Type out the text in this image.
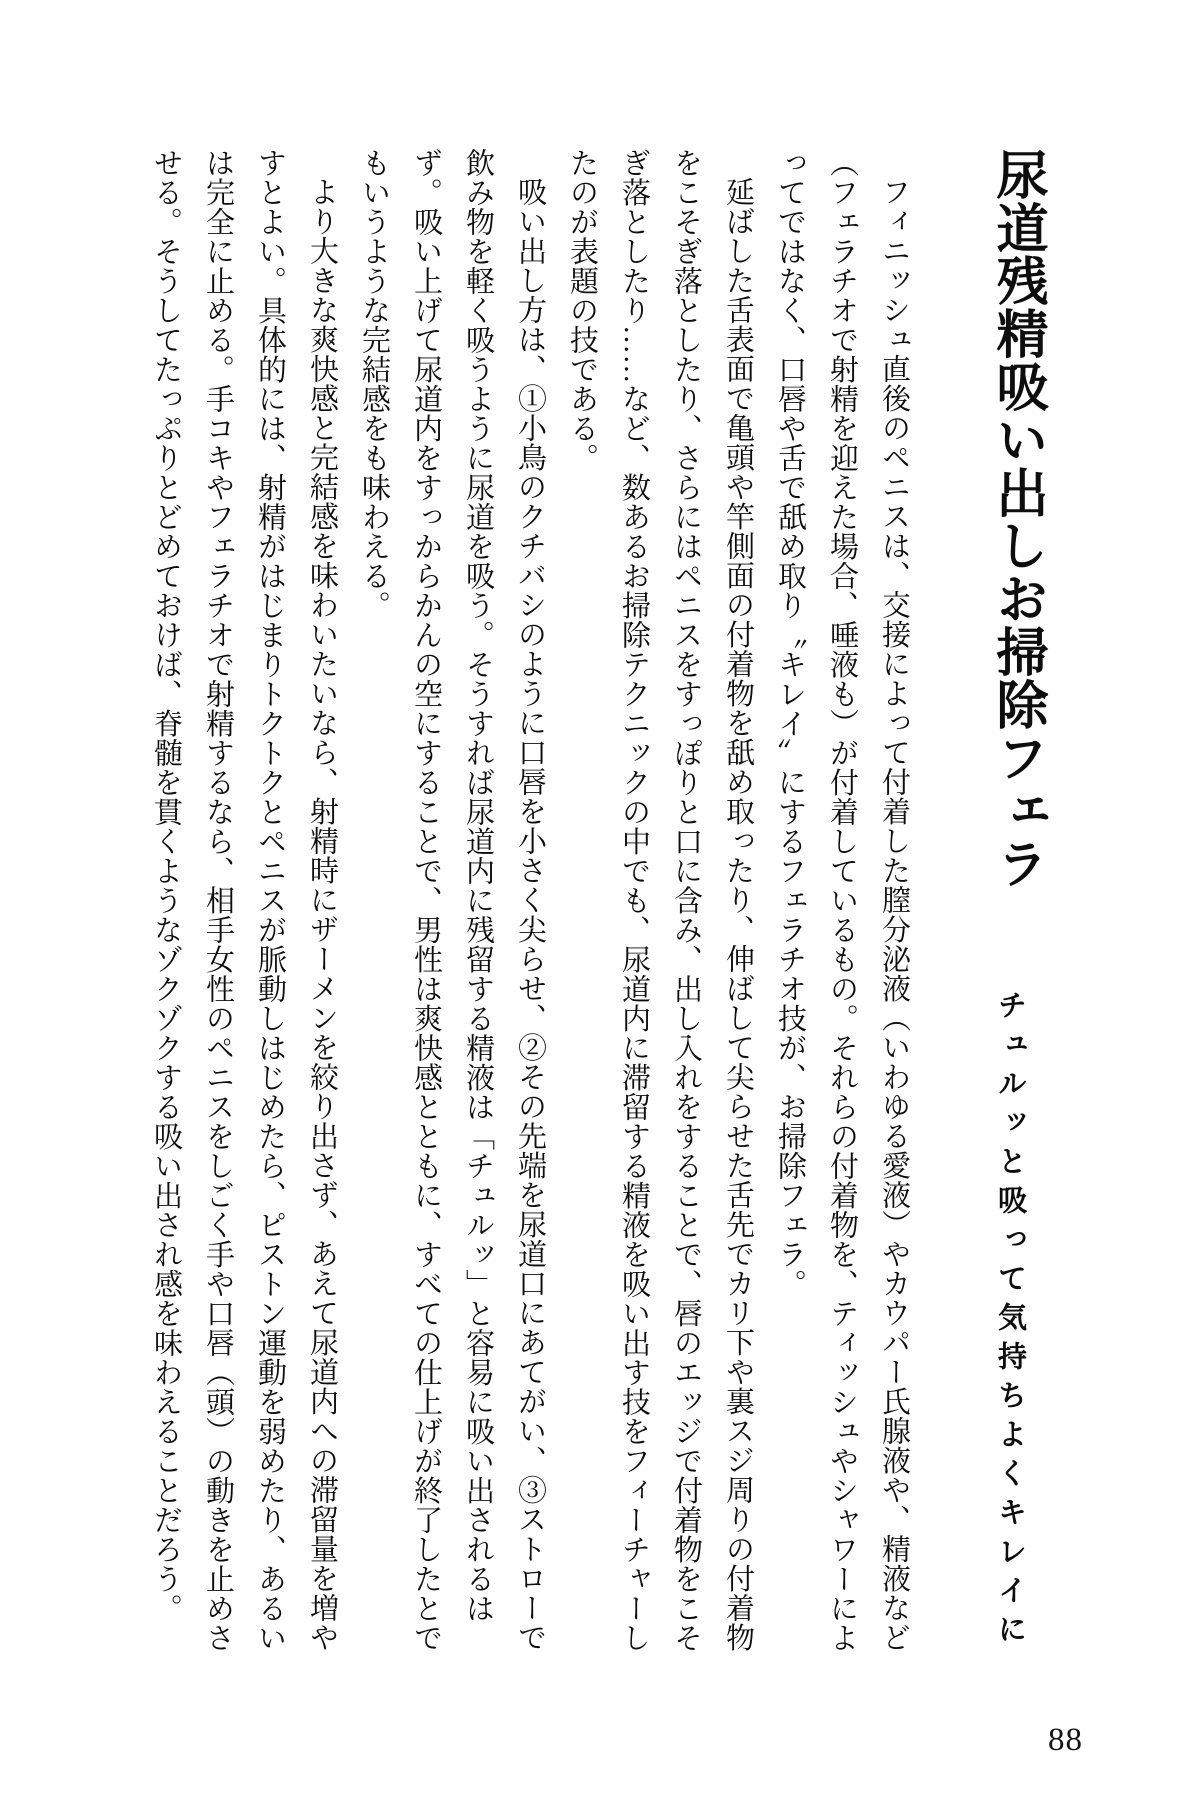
尿道残精吸い出しお掃除フェラ
チュルッと吸って気持ちよくキレイに

フィニッシュ直後のペニスは、交接によって付着した膣分泌液（いわゆる愛液）やカウパー氏腺液や、精液など（フェラチオで射精を迎えた場合、唾液も）が付着しているもの。それらの付着物を、ティッシュやシャワーによってではなく、口唇や舌で舐め取り〝キレイ〟にするフェラチオ技が、お掃除フェラ。

延ばした舌表面で亀頭や竿側面の付着物を舐め取ったり、伸ばして尖らせた舌先でカリ下や裏スジ周りの付着物をこそぎ落としたり、さらにはペニスをすっぽりと口に含み、出し入れをすることで、唇のエッジで付着物をこそぎ落としたり……など、数あるお掃除テクニックの中でも、尿道内に滞留する精液を吸い出す技をフィーチャーしたのが表題の技である。

吸い出し方は、①小鳥のクチバシのように口唇を小さく尖らせ、②その先端を尿道口にあてがい、③ストローで飲み物を軽く吸うように尿道を吸う。そうすれば尿道内に残留する精液は「チュルッ」と容易に吸い出されるはず。吸い上げて尿道内をすっからかんの空にすることで、男性は爽快感とともに、すべての仕上げが終了したとでもいうような完結感をも味わえる。

より大きな爽快感と完結感を味わいたいなら、射精時にザーメンを絞り出さず、あえて尿道内への滞留量を増やすとよい。具体的には、射精がはじまりトクトクとペニスが脈動しはじめたら、ピストン運動を弱めたり、あるいは完全に止める。手コキやフェラチオで射精するなら、相手女性のペニスをしごく手や口唇（頭）の動きを止めさせる。そうしてたっぷりとどめておけば、脊髄を貫くようなゾクゾクする吸い出され感を味わえることだろう。

88
